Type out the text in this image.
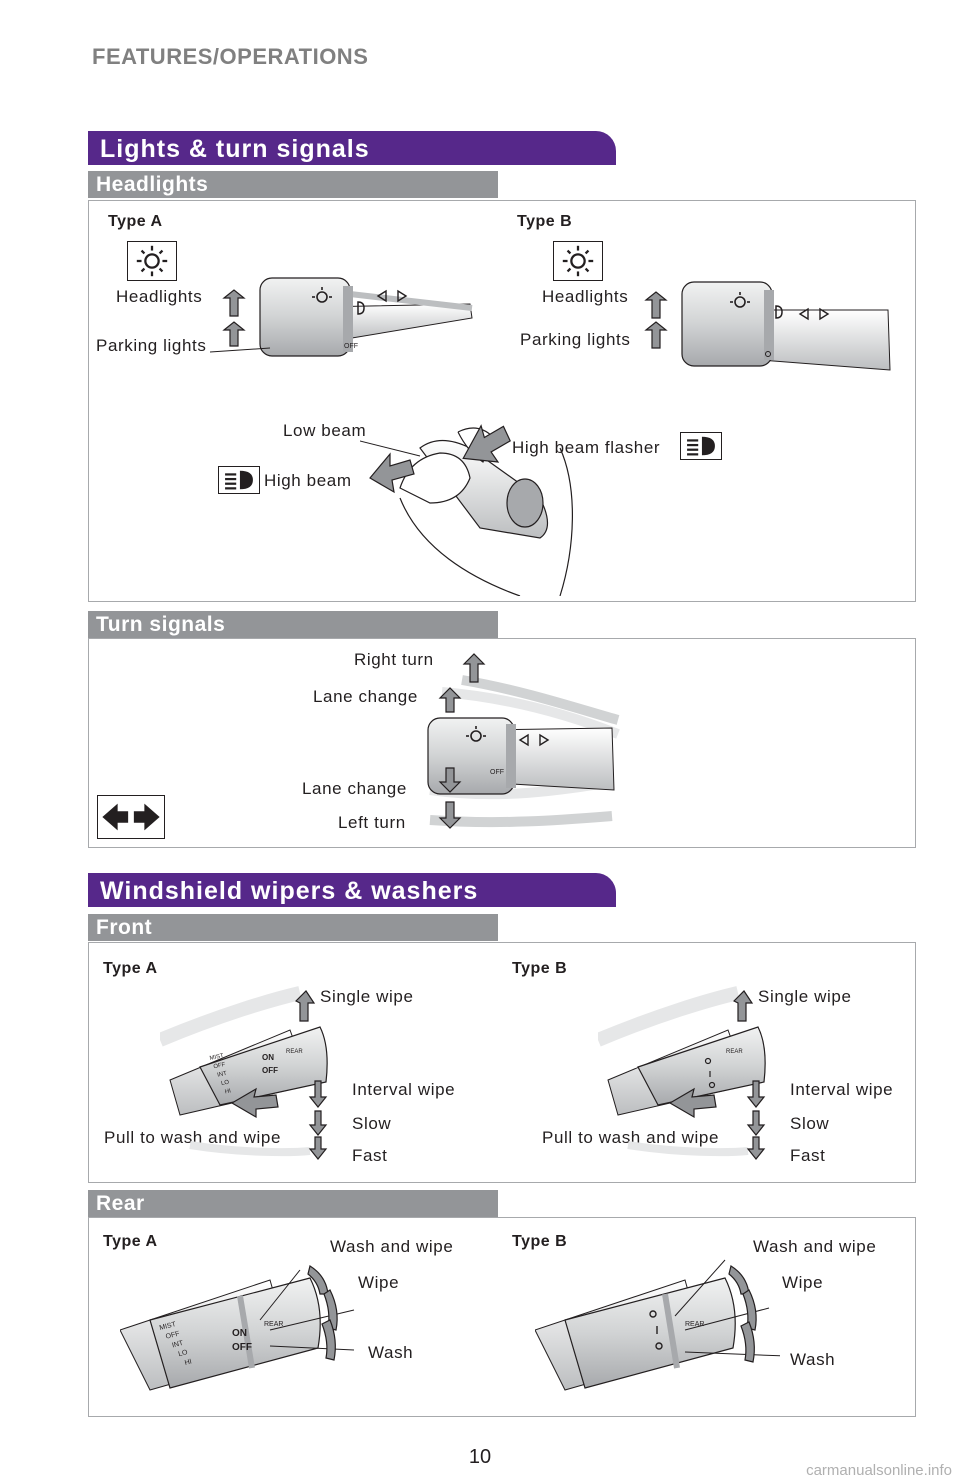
FEATURES/OPERATIONS
Lights & turn signals
Headlights
Type A	Type B
Headlights
Parking lights
Headlights
Parking lights
OFF
Low beam
High beam
High beam flasher
Turn signals
Right turn
Lane change
Lane change
Left turn
OFF
Windshield wipers & washers
Front
Type A	Type B
Single wipe
Interval wipe
Slow
Fast
Pull to wash and wipe
Single wipe
Interval wipe
Slow
Fast
Pull to wash and wipe
MIST OFF INT LO HI
ON
OFF
REAR	REAR
Rear
Type A	Type B
Wash and wipe
Wipe
Wash
Wash and wipe
Wipe
Wash
MIST OFF INT LO HI
ON
OFF
REAR	REAR
10
carmanualsonline.info
